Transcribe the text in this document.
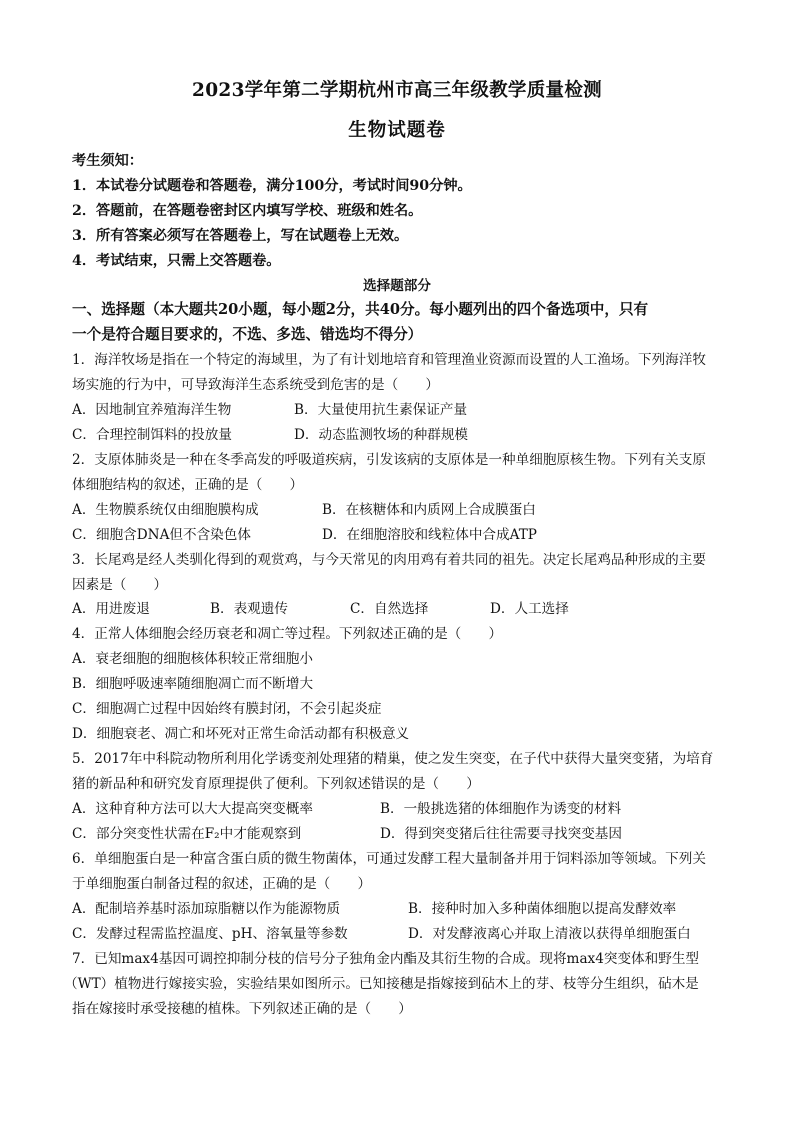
2023学年第二学期杭州市高三年级教学质量检测
生物试题卷
考生须知：
1．本试卷分试题卷和答题卷，满分100分，考试时间90分钟。
2．答题前，在答题卷密封区内填写学校、班级和姓名。
3．所有答案必须写在答题卷上，写在试题卷上无效。
4．考试结束，只需上交答题卷。
选择题部分
一、选择题（本大题共20小题，每小题2分，共40分。每小题列出的四个备选项中，只有
一个是符合题目要求的，不选、多选、错选均不得分）
1．海洋牧场是指在一个特定的海域里，为了有计划地培育和管理渔业资源而设置的人工渔场。下列海洋牧
场实施的行为中，可导致海洋生态系统受到危害的是（　　）
A．因地制宜养殖海洋生物	B．大量使用抗生素保证产量
C．合理控制饵料的投放量	D．动态监测牧场的种群规模
2．支原体肺炎是一种在冬季高发的呼吸道疾病，引发该病的支原体是一种单细胞原核生物。下列有关支原
体细胞结构的叙述，正确的是（　　）
A．生物膜系统仅由细胞膜构成	B．在核糖体和内质网上合成膜蛋白
C．细胞含DNA但不含染色体	D．在细胞溶胶和线粒体中合成ATP
3．长尾鸡是经人类驯化得到的观赏鸡，与今天常见的肉用鸡有着共同的祖先。决定长尾鸡品种形成的主要
因素是（　　）
A．用进废退	B．表观遗传	C．自然选择	D．人工选择
4．正常人体细胞会经历衰老和凋亡等过程。下列叙述正确的是（　　）
A．衰老细胞的细胞核体积较正常细胞小
B．细胞呼吸速率随细胞凋亡而不断增大
C．细胞凋亡过程中因始终有膜封闭，不会引起炎症
D．细胞衰老、凋亡和坏死对正常生命活动都有积极意义
5．2017年中科院动物所利用化学诱变剂处理猪的精巢，使之发生突变，在子代中获得大量突变猪，为培育
猪的新品种和研究发育原理提供了便利。下列叙述错误的是（　　）
A．这种育种方法可以大大提高突变概率	B．一般挑选猪的体细胞作为诱变的材料
C．部分突变性状需在F₂中才能观察到	D．得到突变猪后往往需要寻找突变基因
6．单细胞蛋白是一种富含蛋白质的微生物菌体，可通过发酵工程大量制备并用于饲料添加等领域。下列关
于单细胞蛋白制备过程的叙述，正确的是（　　）
A．配制培养基时添加琼脂糖以作为能源物质	B．接种时加入多种菌体细胞以提高发酵效率
C．发酵过程需监控温度、pH、溶氧量等参数	D．对发酵液离心并取上清液以获得单细胞蛋白
7．已知max4基因可调控抑制分枝的信号分子独角金内酯及其衍生物的合成。现将max4突变体和野生型
（WT）植物进行嫁接实验，实验结果如图所示。已知接穗是指嫁接到砧木上的芽、枝等分生组织，砧木是
指在嫁接时承受接穗的植株。下列叙述正确的是（　　）
